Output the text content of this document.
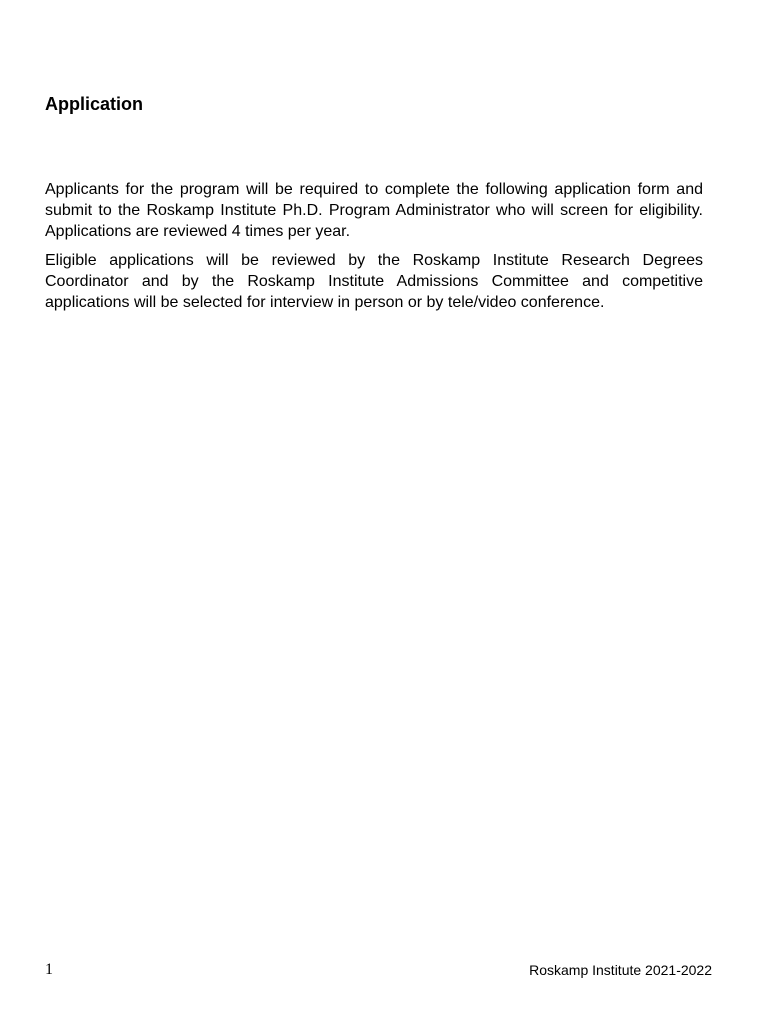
Application

Applicants for the program will be required to complete the following application form and submit to the Roskamp Institute Ph.D. Program Administrator who will screen for eligibility. Applications are reviewed 4 times per year.

Eligible applications will be reviewed by the Roskamp Institute Research Degrees Coordinator and by the Roskamp Institute Admissions Committee and competitive applications will be selected for interview in person or by tele/video conference.

1	Roskamp Institute 2021-2022
